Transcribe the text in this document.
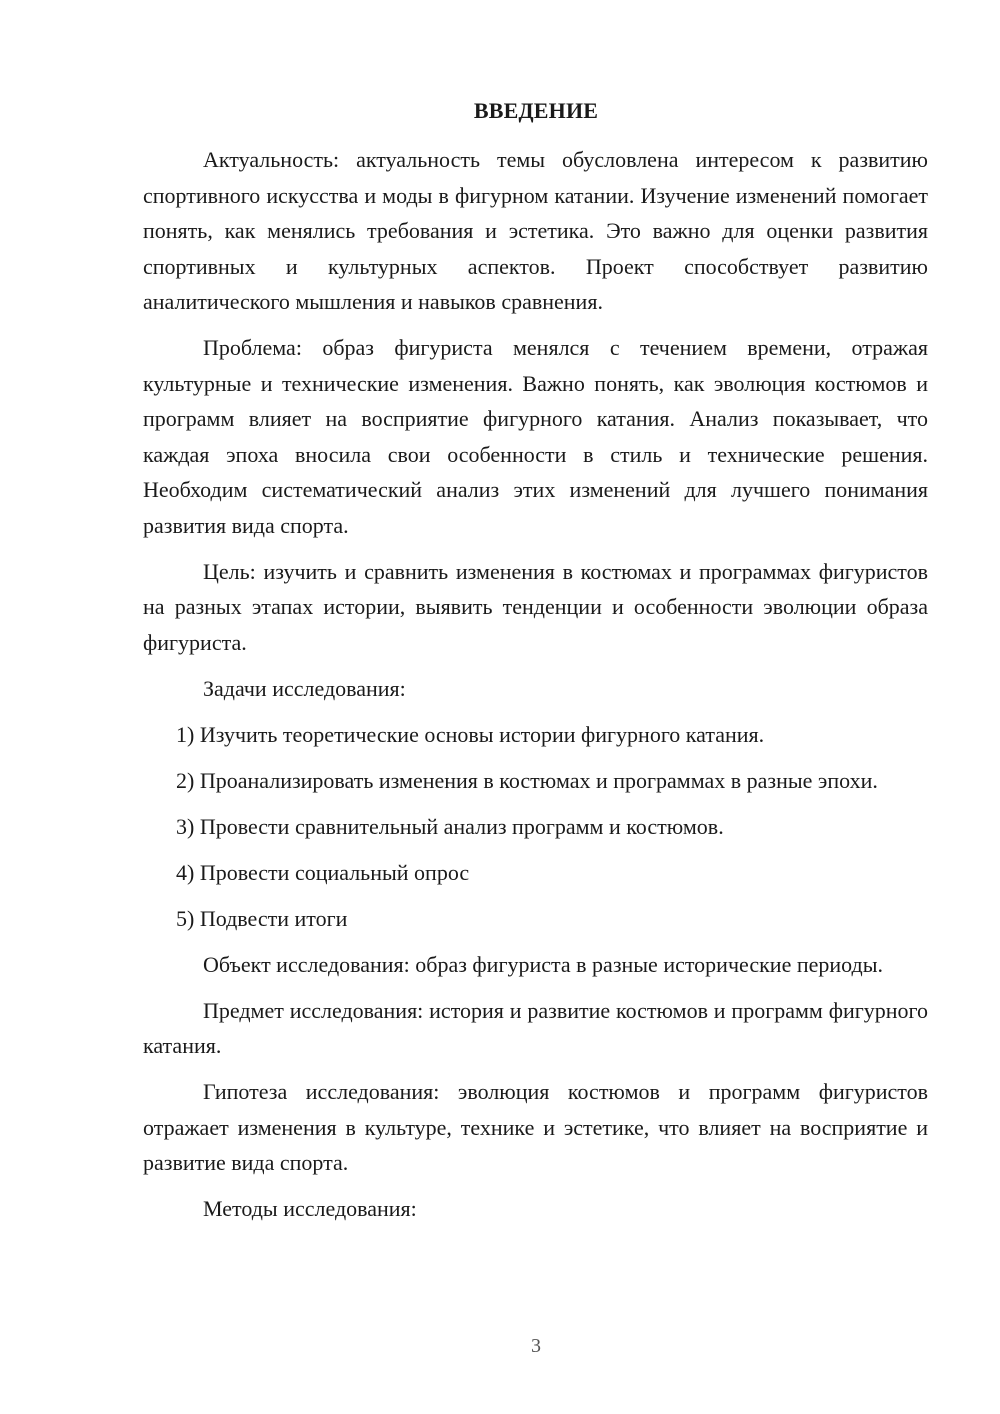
ВВЕДЕНИЕ

Актуальность: актуальность темы обусловлена интересом к развитию спортивного искусства и моды в фигурном катании. Изучение изменений помогает понять, как менялись требования и эстетика. Это важно для оценки развития спортивных и культурных аспектов. Проект способствует развитию аналитического мышления и навыков сравнения.

Проблема: образ фигуриста менялся с течением времени, отражая культурные и технические изменения. Важно понять, как эволюция костюмов и программ влияет на восприятие фигурного катания. Анализ показывает, что каждая эпоха вносила свои особенности в стиль и технические решения. Необходим систематический анализ этих изменений для лучшего понимания развития вида спорта.

Цель: изучить и сравнить изменения в костюмах и программах фигуристов на разных этапах истории, выявить тенденции и особенности эволюции образа фигуриста.

Задачи исследования:

1) Изучить теоретические основы истории фигурного катания.

2) Проанализировать изменения в костюмах и программах в разные эпохи.

3) Провести сравнительный анализ программ и костюмов.

4) Провести социальный опрос

5) Подвести итоги

Объект исследования: образ фигуриста в разные исторические периоды.

Предмет исследования: история и развитие костюмов и программ фигурного катания.

Гипотеза исследования: эволюция костюмов и программ фигуристов отражает изменения в культуре, технике и эстетике, что влияет на восприятие и развитие вида спорта.

Методы исследования:

3
